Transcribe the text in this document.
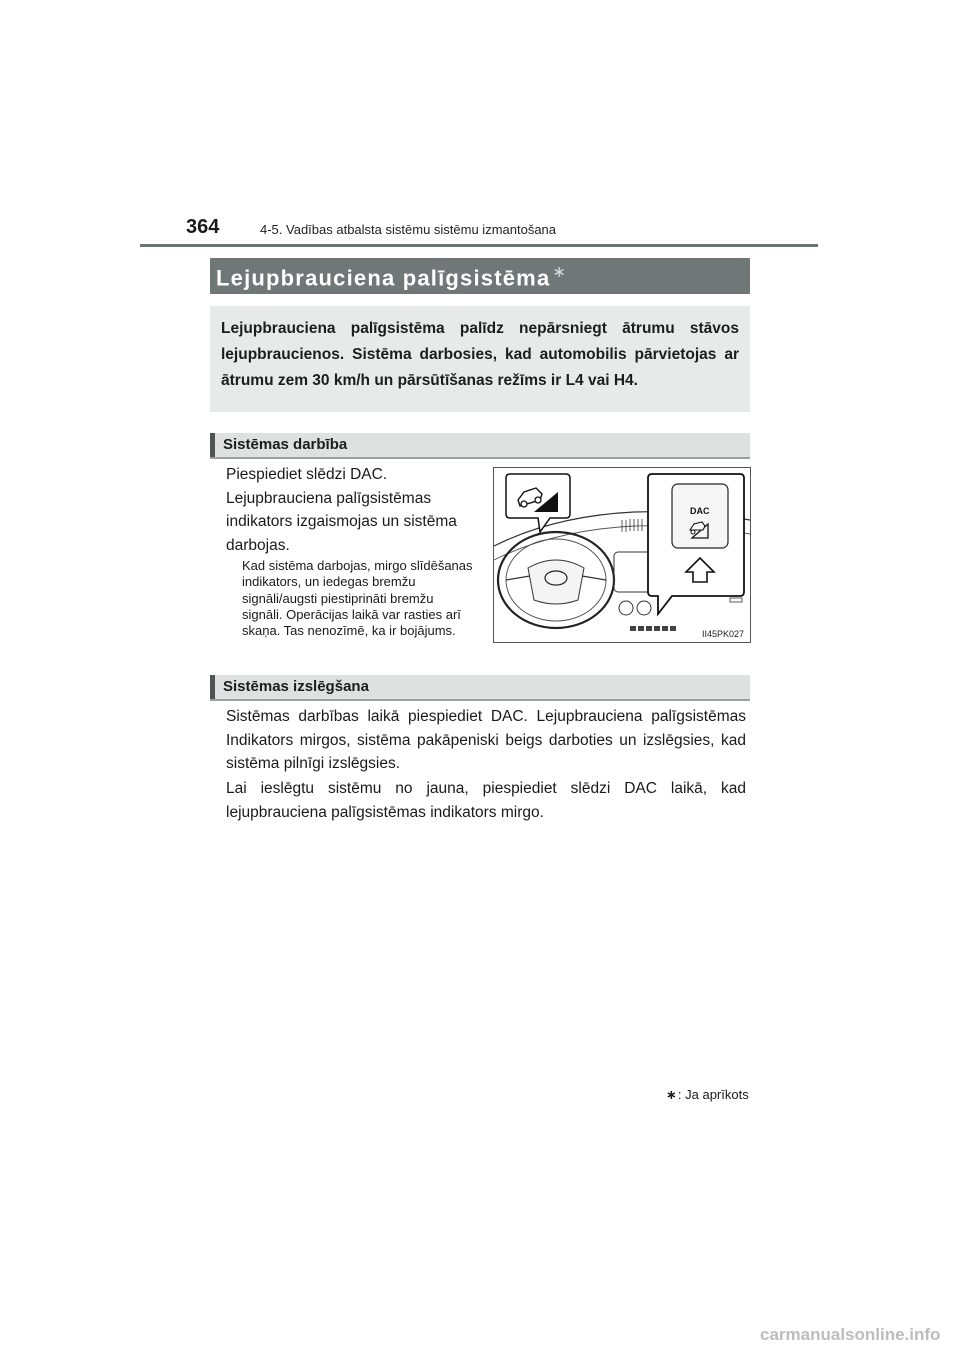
364	4-5. Vadības atbalsta sistēmu sistēmu izmantošana
Lejupbrauciena palīgsistēma ∗
Lejupbrauciena palīgsistēma palīdz nepārsniegt ātrumu stāvos lejupbraucienos. Sistēma darbosies, kad automobilis pārvietojas ar ātrumu zem 30 km/h un pārsūtīšanas režīms ir L4 vai H4.
Sistēmas darbība
Piespiediet slēdzi DAC. Lejupbrauciena palīgsistēmas indikators izgaismojas un sistēma darbojas.
Kad sistēma darbojas, mirgo slīdēšanas indikators, un iedegas bremžu signāli/augsti piestiprināti bremžu signāli. Operācijas laikā var rasties arī skaņa. Tas nenozīmē, ka ir bojājums.
DAC
II45PK027
Sistēmas izslēgšana
Sistēmas darbības laikā piespiediet DAC. Lejupbrauciena palīgsistēmas Indikators mirgos, sistēma pakāpeniski beigs darboties un izslēgsies, kad sistēma pilnīgi izslēgsies.
Lai ieslēgtu sistēmu no jauna, piespiediet slēdzi DAC laikā, kad lejupbrauciena palīgsistēmas indikators mirgo.
∗: Ja aprīkots
carmanualsonline.info
